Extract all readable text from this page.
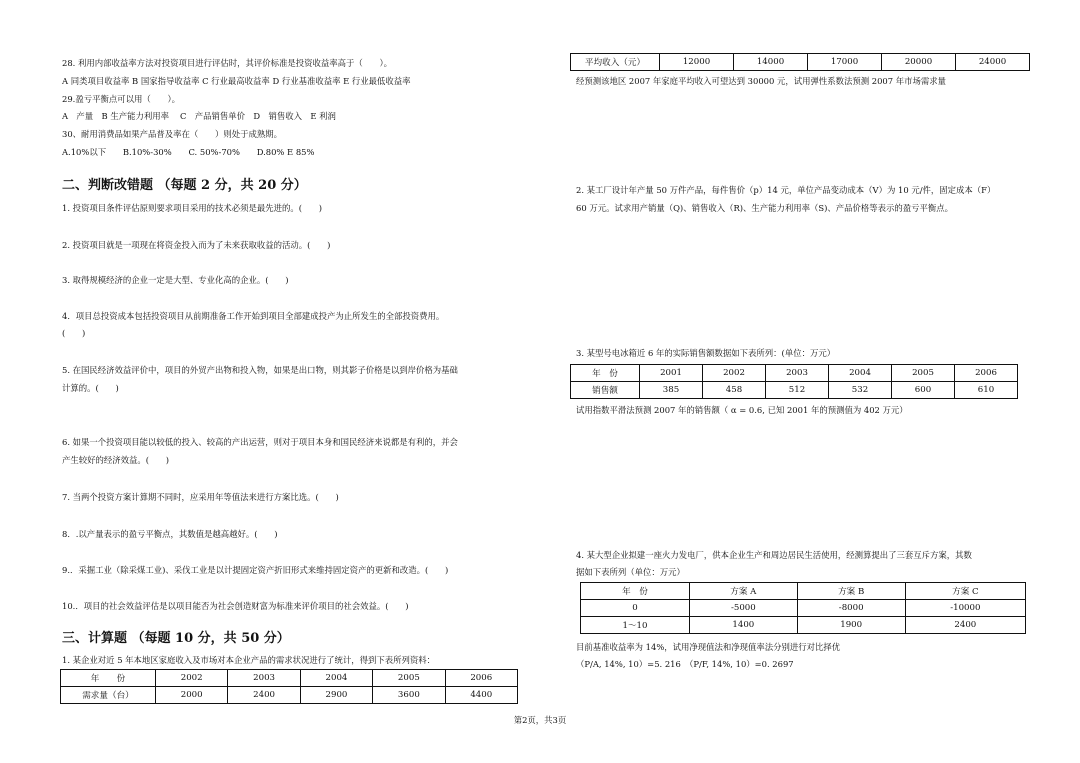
28. 利用内部收益率方法对投资项目进行评估时，其评价标准是投资收益率高于（　　）。
A 同类项目收益率 B 国家指导收益率 C 行业最高收益率 D 行业基准收益率 E 行业最低收益率
29.盈亏平衡点可以用（　　）。
A　产量　B 生产能力利用率　 C　产品销售单价　D　销售收入　E 利润
30、耐用消费品如果产品普及率在（　　）则处于成熟期。
A.10%以下　　B.10%-30%　　C. 50%-70%　　D.80% E 85%
二、判断改错题 （每题 2 分，共 20 分）
1. 投资项目条件评估原则要求项目采用的技术必须是最先进的。(　　)
2. 投资项目就是一项现在将资金投入而为了未来获取收益的活动。(　　)
3. 取得规模经济的企业一定是大型、专业化高的企业。(　　)
4．项目总投资成本包括投资项目从前期准备工作开始到项目全部建成投产为止所发生的全部投资费用。
(　　)
5. 在国民经济效益评价中，项目的外贸产出物和投入物，如果是出口物，则其影子价格是以到岸价格为基础
计算的。(　　)
6. 如果一个投资项目能以较低的投入、较高的产出运营，则对于项目本身和国民经济来说都是有利的，并会
产生较好的经济效益。(　　)
7. 当两个投资方案计算期不同时，应采用年等值法来进行方案比选。(　　)
8．.以产量表示的盈亏平衡点，其数值是越高越好。(　　)
9.．采掘工业（除采煤工业)、采伐工业是以计提固定资产折旧形式来维持固定资产的更新和改造。(　　)
10.．项目的社会效益评估是以项目能否为社会创造财富为标准来评价项目的社会效益。(　　)
三、计算题 （每题 10 分，共 50 分）
1. 某企业对近 5 年本地区家庭收入及市场对本企业产品的需求状况进行了统计，得到下表所列资料：
年　　份	2002	2003	2004	2005	2006
需求量（台）	2000	2400	2900	3600	4400
平均收入（元）	12000	14000	17000	20000	24000
经预测该地区 2007 年家庭平均收入可望达到 30000 元，试用弹性系数法预测 2007 年市场需求量
2. 某工厂设计年产量 50 万件产品，每件售价（p）14 元，单位产品变动成本（V）为 10 元/件，固定成本（F）
60 万元。试求用产销量（Q)、销售收入（R)、生产能力利用率（S)、产品价格等表示的盈亏平衡点。
3. 某型号电冰箱近 6 年的实际销售额数据如下表所列：(单位：万元）
年　份	2001	2002	2003	2004	2005	2006
销售额	385	458	512	532	600	610
试用指数平滑法预测 2007 年的销售额（ α = 0.6, 已知 2001 年的预测值为 402 万元）
4. 某大型企业拟建一座火力发电厂，供本企业生产和周边居民生活使用，经测算提出了三套互斥方案，其数
据如下表所列（单位：万元）
年　份	方案 A	方案 B	方案 C
0	-5000	-8000	-10000
1～10	1400	1900	2400
目前基准收益率为 14%，试用净现值法和净现值率法分别进行对比择优
（P/A, 14%, 10）=5. 216　（P/F, 14%, 10）=0. 2697
第2页，共3页
